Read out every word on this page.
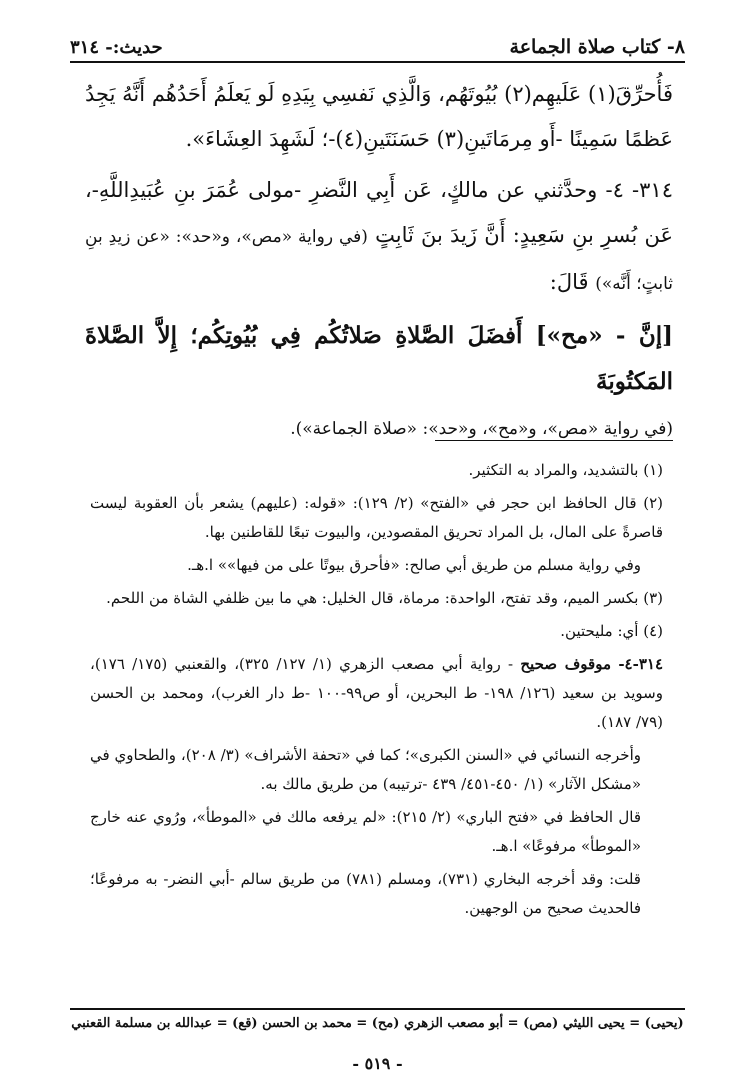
٨- كتاب صلاة الجماعة
حديث:- ٣١٤

فَأُحرِّقَ(١) عَلَيهِم(٢) بُيُوتَهُم، وَالَّذِي نَفسِي بِيَدِهِ لَو يَعلَمُ أَحَدُهُم أَنَّهُ يَجِدُ عَظمًا سَمِينًا -أَو مِرمَاتَينِ(٣) حَسَنَتَينِ(٤)-؛ لَشَهِدَ العِشَاءَ».

٣١٤- ٤- وحدَّثني عن مالكٍ، عَن أَبِي النَّضرِ -مولى عُمَرَ بنِ عُبَيدِاللَّهِ-، عَن بُسرِ بنِ سَعِيدٍ: أَنَّ زَيدَ بنَ ثَابِتٍ (في رواية «مص»، و«حد»: «عن زيدِ بنِ ثابتٍ؛ أَنَّه») قَالَ:

[إنَّ - «مح»] أَفضَلَ الصَّلاةِ صَلاتُكُم فِي بُيُوتِكُم؛ إِلاَّ الصَّلاةَ المَكتُوبَةَ
(في رواية «مص»، و«مح»، و«حد»: «صلاة الجماعة»).

(١) بالتشديد، والمراد به التكثير.

(٢) قال الحافظ ابن حجر في «الفتح» (٢/ ١٢٩): «قوله: (عليهم) يشعر بأن العقوبة ليست قاصرةً على المال، بل المراد تحريق المقصودين، والبيوت تبعًا للقاطنين بها.

وفي رواية مسلم من طريق أبي صالح: «فأحرق بيوتًا على من فيها»» ا.هـ.

(٣) بكسر الميم، وقد تفتح، الواحدة: مرماة، قال الخليل: هي ما بين ظلفي الشاة من اللحم.

(٤) أي: مليحتين.

٣١٤-٤- موقوف صحيح - رواية أبي مصعب الزهري (١/ ١٢٧/ ٣٢٥)، والقعنبي (١٧٥/ ١٧٦)، وسويد بن سعيد (١٢٦/ ١٩٨- ط البحرين، أو ص٩٩-١٠٠ -ط دار الغرب)، ومحمد بن الحسن (٧٩/ ١٨٧).

وأخرجه النسائي في «السنن الكبرى»؛ كما في «تحفة الأشراف» (٣/ ٢٠٨)، والطحاوي في «مشكل الآثار» (١/ ٤٥٠-٤٥١/ ٤٣٩ -ترتيبه) من طريق مالك به.

قال الحافظ في «فتح الباري» (٢/ ٢١٥): «لم يرفعه مالك في «الموطأ»، ورُوي عنه خارج «الموطأ» مرفوعًا» ا.هـ.

قلت: وقد أخرجه البخاري (٧٣١)، ومسلم (٧٨١) من طريق سالم -أبي النضر- به مرفوعًا؛ فالحديث صحيح من الوجهين.

(يحيى) = يحيى الليثي (مص) = أبو مصعب الزهري (مح) = محمد بن الحسن (قع) = عبدالله بن مسلمة القعنبي
- ٥١٩ -
